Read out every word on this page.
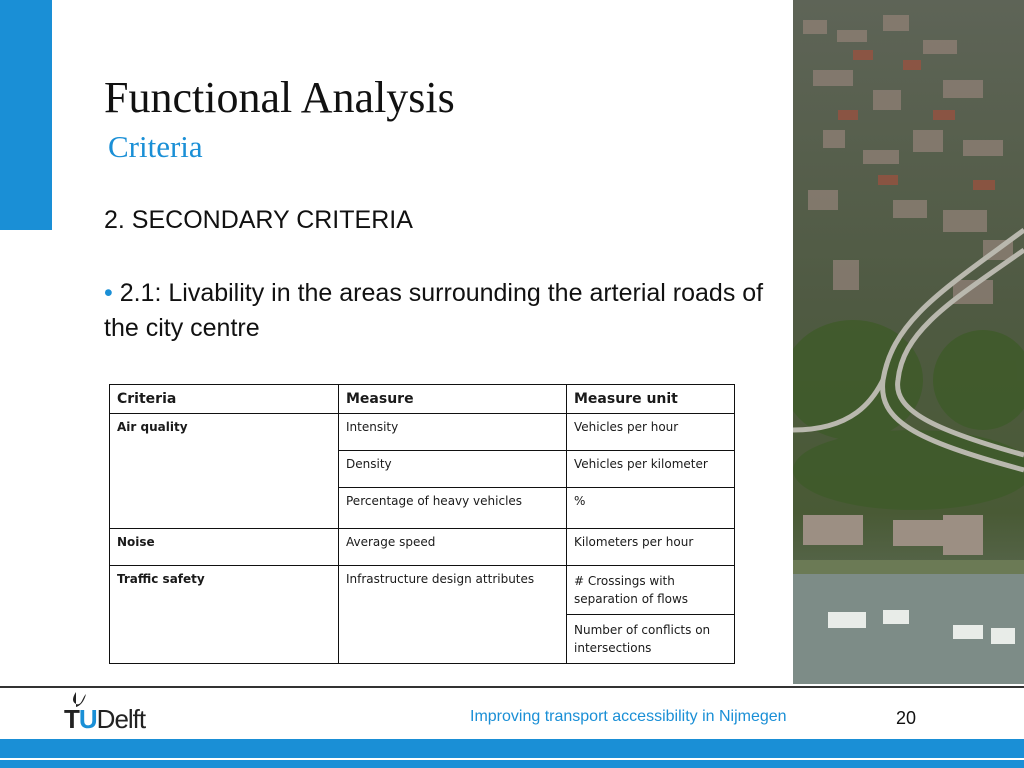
Functional Analysis
Criteria
2. SECONDARY CRITERIA
• 2.1: Livability in the areas surrounding the arterial roads of the city centre
Criteria	Measure	Measure unit
Air quality	Intensity	Vehicles per hour
	Density	Vehicles per kilometer
	Percentage of heavy vehicles	%
Noise	Average speed	Kilometers per hour
Traffic safety	Infrastructure design attributes	# Crossings with separation of flows
		Number of conflicts on intersections
TUDelft	Improving transport accessibility in Nijmegen	20
